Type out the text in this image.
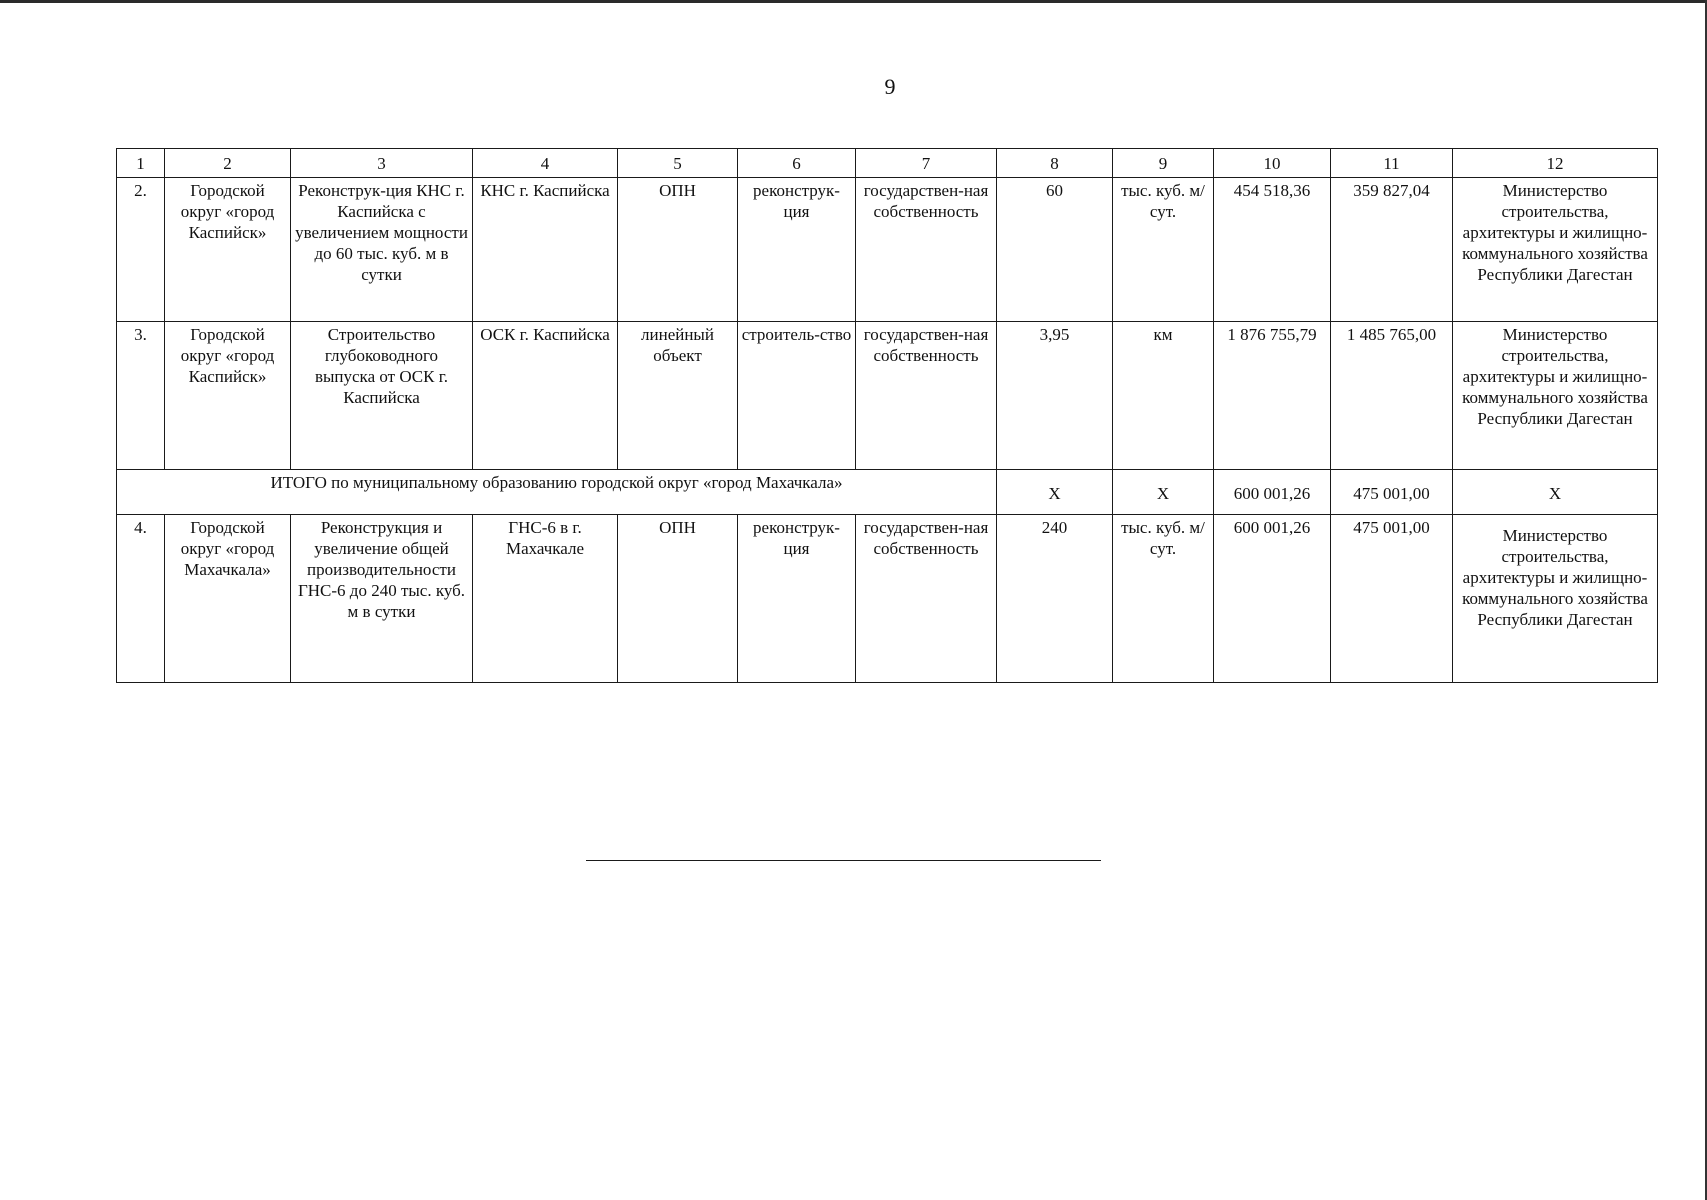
9
1	2	3	4	5	6	7	8	9	10	11	12
2.	Городской округ «город Каспийск»	Реконструк-ция КНС г. Каспийска с увеличением мощности до 60 тыс. куб. м в сутки	КНС г. Каспийска	ОПН	реконструк-ция	государствен-ная собственность	60	тыс. куб. м/сут.	454 518,36	359 827,04	Министерство строительства, архитектуры и жилищно-коммунального хозяйства Республики Дагестан
3.	Городской округ «город Каспийск»	Строительство глубоководного выпуска от ОСК г. Каспийска	ОСК г. Каспийска	линейный объект	строитель-ство	государствен-ная собственность	3,95	км	1 876 755,79	1 485 765,00	Министерство строительства, архитектуры и жилищно-коммунального хозяйства Республики Дагестан
ИТОГО по муниципальному образованию городской округ «город Махачкала»							Х	Х	600 001,26	475 001,00	Х
4.	Городской округ «город Махачкала»	Реконструкция и увеличение общей производительности ГНС-6 до 240 тыс. куб. м в сутки	ГНС-6 в г. Махачкале	ОПН	реконструк-ция	государствен-ная собственность	240	тыс. куб. м/сут.	600 001,26	475 001,00	Министерство строительства, архитектуры и жилищно-коммунального хозяйства Республики Дагестан
